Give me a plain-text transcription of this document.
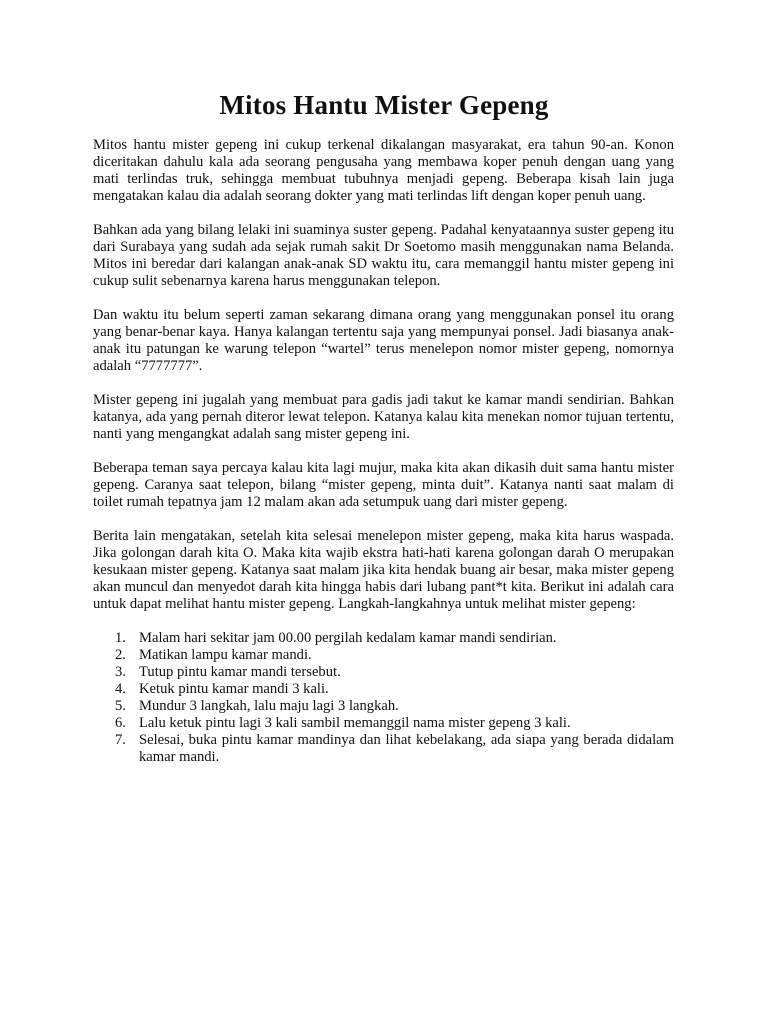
Mitos Hantu Mister Gepeng

Mitos hantu mister gepeng ini cukup terkenal dikalangan masyarakat, era tahun 90-an. Konon diceritakan dahulu kala ada seorang pengusaha yang membawa koper penuh dengan uang yang mati terlindas truk, sehingga membuat tubuhnya menjadi gepeng. Beberapa kisah lain juga mengatakan kalau dia adalah seorang dokter yang mati terlindas lift dengan koper penuh uang.

Bahkan ada yang bilang lelaki ini suaminya suster gepeng. Padahal kenyataannya suster gepeng itu dari Surabaya yang sudah ada sejak rumah sakit Dr Soetomo masih menggunakan nama Belanda. Mitos ini beredar dari kalangan anak-anak SD waktu itu, cara memanggil hantu mister gepeng ini cukup sulit sebenarnya karena harus menggunakan telepon.

Dan waktu itu belum seperti zaman sekarang dimana orang yang menggunakan ponsel itu orang yang benar-benar kaya. Hanya kalangan tertentu saja yang mempunyai ponsel. Jadi biasanya anak-anak itu patungan ke warung telepon “wartel” terus menelepon nomor mister gepeng, nomornya adalah “7777777”.

Mister gepeng ini jugalah yang membuat para gadis jadi takut ke kamar mandi sendirian. Bahkan katanya, ada yang pernah diteror lewat telepon. Katanya kalau kita menekan nomor tujuan tertentu, nanti yang mengangkat adalah sang mister gepeng ini.

Beberapa teman saya percaya kalau kita lagi mujur, maka kita akan dikasih duit sama hantu mister gepeng. Caranya saat telepon, bilang “mister gepeng, minta duit”. Katanya nanti saat malam di toilet rumah tepatnya jam 12 malam akan ada setumpuk uang dari mister gepeng.

Berita lain mengatakan, setelah kita selesai menelepon mister gepeng, maka kita harus waspada. Jika golongan darah kita O. Maka kita wajib ekstra hati-hati karena golongan darah O merupakan kesukaan mister gepeng. Katanya saat malam jika kita hendak buang air besar, maka mister gepeng akan muncul dan menyedot darah kita hingga habis dari lubang pant*t kita. Berikut ini adalah cara untuk dapat melihat hantu mister gepeng. Langkah-langkahnya untuk melihat mister gepeng:

1. Malam hari sekitar jam 00.00 pergilah kedalam kamar mandi sendirian.
2. Matikan lampu kamar mandi.
3. Tutup pintu kamar mandi tersebut.
4. Ketuk pintu kamar mandi 3 kali.
5. Mundur 3 langkah, lalu maju lagi 3 langkah.
6. Lalu ketuk pintu lagi 3 kali sambil memanggil nama mister gepeng 3 kali.
7. Selesai, buka pintu kamar mandinya dan lihat kebelakang, ada siapa yang berada didalam kamar mandi.
